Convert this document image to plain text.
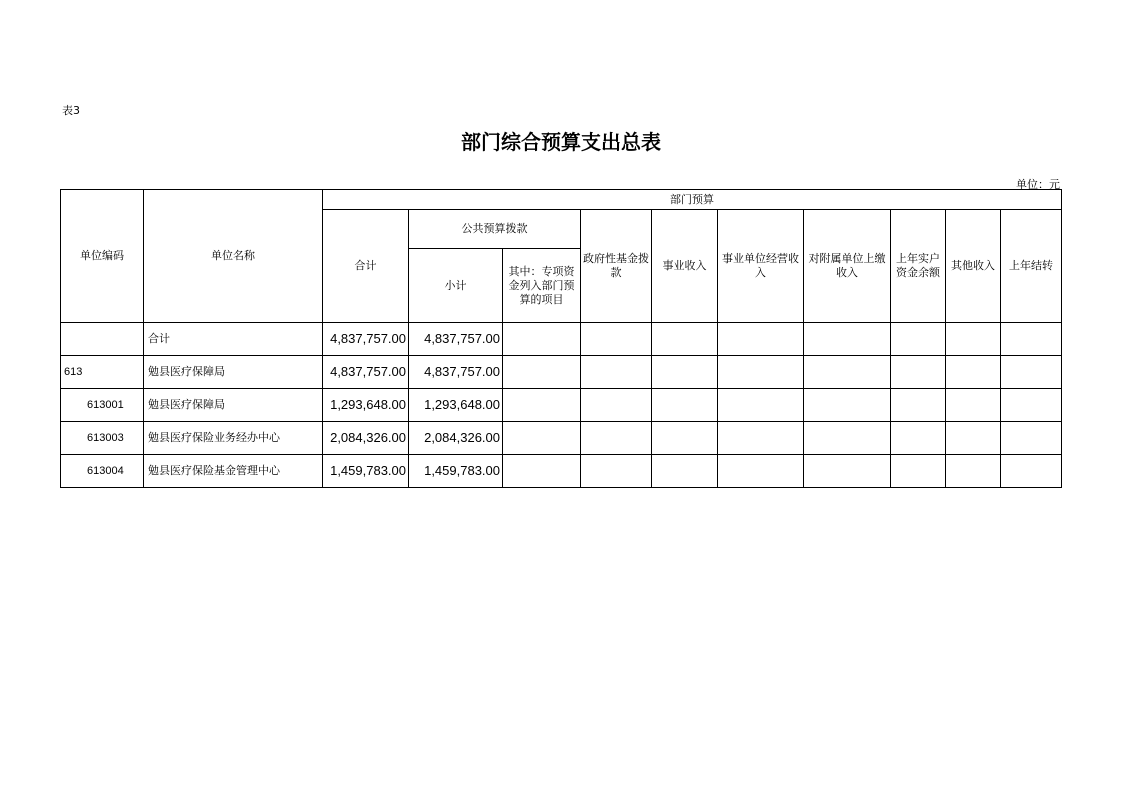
表3
部门综合预算支出总表
单位：元
单位编码	单位名称	部门预算									
		合计	公共预算拨款		政府性基金拨款	事业收入	事业单位经营收入	对附属单位上缴收入	上年实户资金余额	其他收入	上年结转
			小计	其中：专项资金列入部门预算的项目							
	合计	4,837,757.00	4,837,757.00								
613	勉县医疗保障局	4,837,757.00	4,837,757.00								
613001	勉县医疗保障局	1,293,648.00	1,293,648.00								
613003	勉县医疗保险业务经办中心	2,084,326.00	2,084,326.00								
613004	勉县医疗保险基金管理中心	1,459,783.00	1,459,783.00								
